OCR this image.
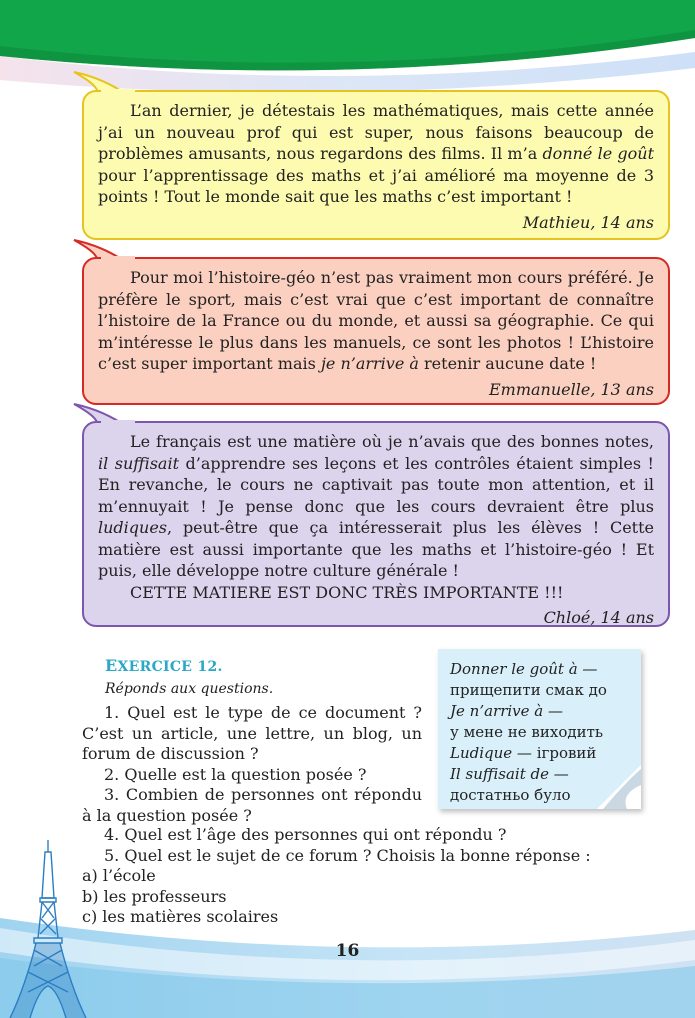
L’an dernier, je détestais les mathématiques, mais cette année j’ai un nouveau prof qui est super, nous faisons beaucoup de problèmes amusants, nous regardons des films. Il m’a donné le goût pour l’apprentissage des maths et j’ai amélioré ma moyenne de 3 points ! Tout le monde sait que les maths c’est important !

Mathieu, 14 ans

Pour moi l’histoire-géo n’est pas vraiment mon cours préféré. Je préfère le sport, mais c’est vrai que c’est important de connaître l’histoire de la France ou du monde, et aussi sa géographie. Ce qui m’intéresse le plus dans les manuels, ce sont les photos ! L’histoire c’est super important mais je n’arrive à retenir aucune date !

Emmanuelle, 13 ans

Le français est une matière où je n’avais que des bonnes notes, il suffisait d’apprendre ses leçons et les contrôles étaient simples ! En revanche, le cours ne captivait pas toute mon attention, et il m’ennuyait ! Je pense donc que les cours devraient être plus ludiques, peut-être que ça intéresserait plus les élèves ! Cette matière est aussi importante que les maths et l’histoire-géo ! Et puis, elle développe notre culture générale !

CETTE MATIERE EST DONC TRÈS IMPORTANTE !!!

Chloé, 14 ans

EXERCICE 12.
Réponds aux questions.

1. Quel est le type de ce document ? C’est un article, une lettre, un blog, un forum de discussion ?

2. Quelle est la question posée ?

3. Combien de personnes ont répondu à la question posée ?

4. Quel est l’âge des personnes qui ont répondu ?

5. Quel est le sujet de ce forum ? Choisis la bonne réponse :

a) l’école

b) les professeurs

c) les matières scolaires

Donner le goût à —
прищепити смак до
Je n’arrive à —
у мене не виходить
Ludique — ігровий
Il suffisait de —
достатньо було
16
